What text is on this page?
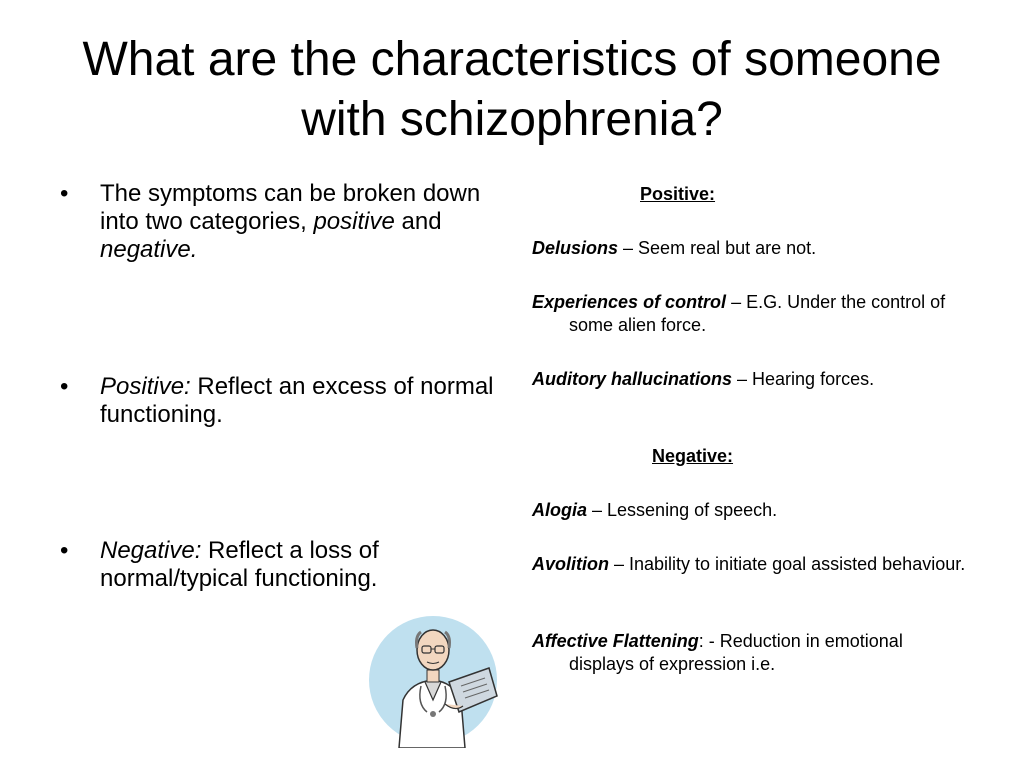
What are the characteristics of someone with schizophrenia?
•	The symptoms can be broken down into two categories, positive and negative.
•	Positive: Reflect an excess of normal functioning.
•	Negative: Reflect a loss of normal/typical functioning.
Positive:
Delusions – Seem real but are not.
Experiences of control – E.G. Under the control of some alien force.
Auditory hallucinations – Hearing forces.
Negative:
Alogia – Lessening of speech.
Avolition – Inability to initiate goal assisted behaviour.
Affective Flattening: - Reduction in emotional displays of expression i.e.
